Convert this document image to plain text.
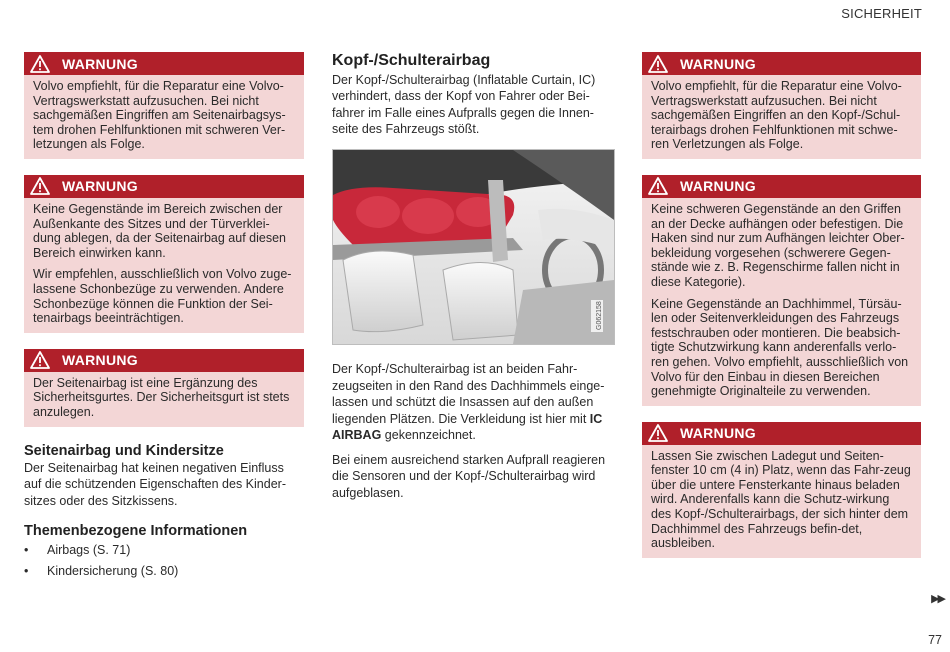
SICHERHEIT
WARNUNG

Volvo empfiehlt, für die Reparatur eine Volvo-Vertragswerkstatt aufzusuchen. Bei nicht sachgemäßen Eingriffen am Seitenairbagsys-tem drohen Fehlfunktionen mit schweren Ver-letzungen als Folge.

WARNUNG

Keine Gegenstände im Bereich zwischen der Außenkante des Sitzes und der Türverklei-dung ablegen, da der Seitenairbag auf diesen Bereich einwirken kann.

Wir empfehlen, ausschließlich von Volvo zuge-lassene Schonbezüge zu verwenden. Andere Schonbezüge können die Funktion der Sei-tenairbags beeinträchtigen.

WARNUNG

Der Seitenairbag ist eine Ergänzung des Sicherheitsgurtes. Der Sicherheitsgurt ist stets anzulegen.

Seitenairbag und Kindersitze

Der Seitenairbag hat keinen negativen Einfluss auf die schützenden Eigenschaften des Kinder-sitzes oder des Sitzkissens.

Themenbezogene Informationen
•	Airbags (S. 71)
•	Kindersicherung (S. 80)
Kopf-/Schulterairbag

Der Kopf-/Schulterairbag (Inflatable Curtain, IC) verhindert, dass der Kopf von Fahrer oder Bei-fahrer im Falle eines Aufpralls gegen die Innen-seite des Fahrzeugs stößt.

G062158

Der Kopf-/Schulterairbag ist an beiden Fahr-zeugseiten in den Rand des Dachhimmels einge-lassen und schützt die Insassen auf den außen liegenden Plätzen. Die Verkleidung ist hier mit IC AIRBAG gekennzeichnet.

Bei einem ausreichend starken Aufprall reagieren die Sensoren und der Kopf-/Schulterairbag wird aufgeblasen.

WARNUNG

Volvo empfiehlt, für die Reparatur eine Volvo-Vertragswerkstatt aufzusuchen. Bei nicht sachgemäßen Eingriffen an den Kopf-/Schul-terairbags drohen Fehlfunktionen mit schwe-ren Verletzungen als Folge.

WARNUNG

Keine schweren Gegenstände an den Griffen an der Decke aufhängen oder befestigen. Die Haken sind nur zum Aufhängen leichter Ober-bekleidung vorgesehen (schwerere Gegen-stände wie z. B. Regenschirme fallen nicht in diese Kategorie).

Keine Gegenstände an Dachhimmel, Türsäu-len oder Seitenverkleidungen des Fahrzeugs festschrauben oder montieren. Die beabsich-tigte Schutzwirkung kann anderenfalls verlo-ren gehen. Volvo empfiehlt, ausschließlich von Volvo für den Einbau in diesen Bereichen genehmigte Originalteile zu verwenden.

WARNUNG

Lassen Sie zwischen Ladegut und Seiten-fenster 10 cm (4 in) Platz, wenn das Fahr-zeug über die untere Fensterkante hinaus beladen wird. Anderenfalls kann die Schutz-wirkung des Kopf-/Schulterairbags, der sich hinter dem Dachhimmel des Fahrzeugs befin-det, ausbleiben.

▶▶
77
